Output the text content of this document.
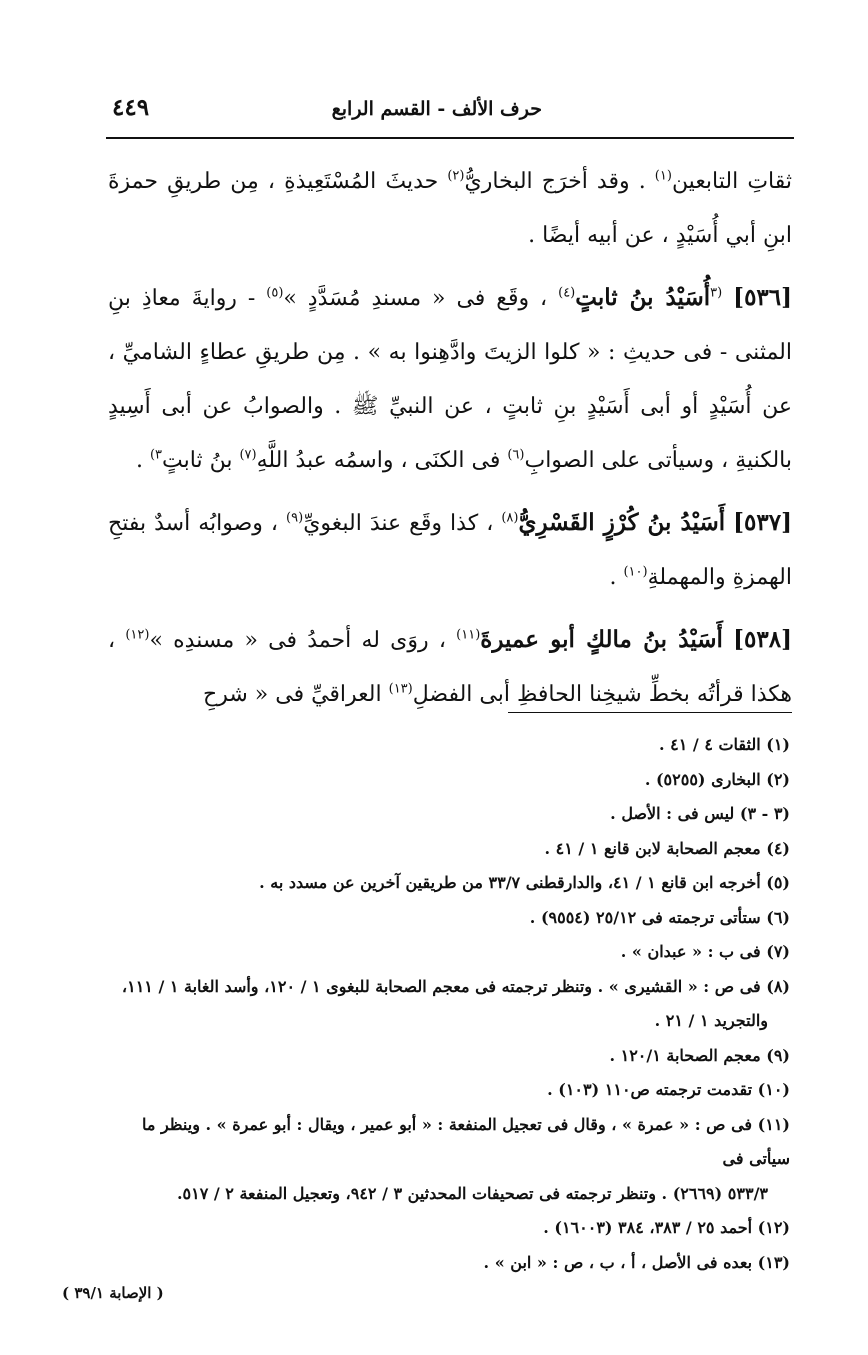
حرف الألف - القسم الرابع
٤٤٩

ثقاتِ التابعين$^{(١)}$ . وقد أخرَج البخاريُّ$^{(٢)}$ حديثَ المُسْتَعِيذةِ ، مِن طريقِ حمزةَ ابنِ أبي أُسَيْدٍ ، عن أبيه أيضًا .

[٥٣٦] $^{(٣}$أُسَيْدُ بنُ ثابتٍ$^{(٤)}$ ، وقَع فى « مسندِ مُسَدَّدٍ »$^{(٥)}$ - روايةَ معاذِ بنِ المثنى - فى حديثِ : « كلوا الزيتَ وادَّهِنوا به » . مِن طريقِ عطاءٍ الشاميِّ ، عن أُسَيْدٍ أو أبى أَسَيْدٍ بنِ ثابتٍ ، عن النبيِّ ﷺ . والصوابُ عن أبى أَسِيدٍ بالكنيةِ ، وسيأتى على الصوابِ$^{(٦)}$ فى الكنَى ، واسمُه عبدُ اللَّهِ$^{(٧)}$ بنُ ثابتٍ$^{٣)}$ .

[٥٣٧] أَسَيْدُ بنُ كُرْزٍ القَسْرِيُّ$^{(٨)}$ ، كذا وقَع عندَ البغويِّ$^{(٩)}$ ، وصوابُه أسدٌ بفتحِ الهمزةِ والمهملةِ$^{(١٠)}$ .

[٥٣٨] أَسَيْدُ بنُ مالكٍ أبو عميرةَ$^{(١١)}$ ، روَى له أحمدُ فى « مسندِه »$^{(١٢)}$ ، هكذا قرأتُه بخطِّ شيخِنا الحافظِ أبى الفضلِ$^{(١٣)}$ العراقيِّ فى « شرحِ

(١) الثقات ٤ / ٤١ .
(٢) البخارى (٥٢٥٥) .
(٣ - ٣) ليس فى : الأصل .
(٤) معجم الصحابة لابن قانع ١ / ٤١ .
(٥) أخرجه ابن قانع ١ / ٤١، والدارقطنى ٣٣/٧ من طريقين آخرين عن مسدد به .
(٦) ستأتى ترجمته فى ٢٥/١٢ (٩٥٥٤) .
(٧) فى ب : « عبدان » .
(٨) فى ص : « القشيرى » . وتنظر ترجمته فى معجم الصحابة للبغوى ١ / ١٢٠، وأسد الغابة ١ / ١١١،
والتجريد ١ / ٢١ .
(٩) معجم الصحابة ١٢٠/١ .
(١٠) تقدمت ترجمته ص١١٠ (١٠٣) .
(١١) فى ص : « عمرة » ، وقال فى تعجيل المنفعة : « أبو عمير ، ويقال : أبو عمرة » . وينظر ما سيأتى فى
٥٣٣/٣ (٢٦٦٩) . وتنظر ترجمته فى تصحيفات المحدثين ٣ / ٩٤٢، وتعجيل المنفعة ٢ / ٥١٧.
(١٢) أحمد ٢٥ / ٣٨٣، ٣٨٤ (١٦٠٠٣) .
(١٣) بعده فى الأصل ، أ ، ب ، ص : « ابن » .
( الإصابة ٣٩/١ )
